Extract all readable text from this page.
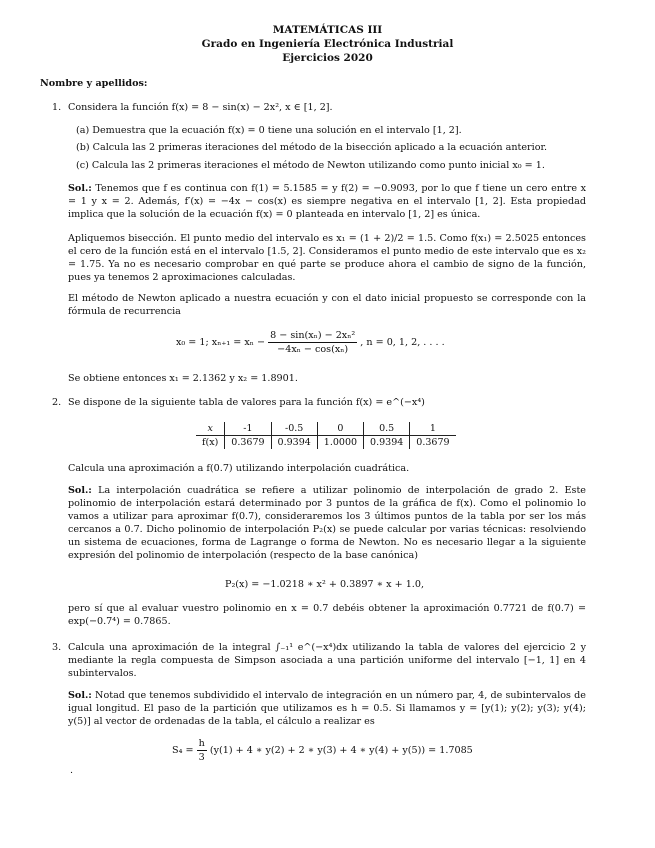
MATEMÁTICAS III
Grado en Ingeniería Electrónica Industrial
Ejercicios 2020
Nombre y apellidos:
1. Considera la función f(x) = 8 − sin(x) − 2x², x ∈ [1, 2].
(a) Demuestra que la ecuación f(x) = 0 tiene una solución en el intervalo [1, 2].
(b) Calcula las 2 primeras iteraciones del método de la bisección aplicado a la ecuación anterior.
(c) Calcula las 2 primeras iteraciones el método de Newton utilizando como punto inicial x₀ = 1.
Sol.: Tenemos que f es continua con f(1) = 5.1585 = y f(2) = −0.9093, por lo que f tiene un cero entre x = 1 y x = 2. Además, f′(x) = −4x − cos(x) es siempre negativa en el intervalo [1, 2]. Esta propiedad implica que la solución de la ecuación f(x) = 0 planteada en intervalo [1, 2] es única.
Apliquemos bisección. El punto medio del intervalo es x₁ = (1 + 2)/2 = 1.5. Como f(x₁) = 2.5025 entonces el cero de la función está en el intervalo [1.5, 2]. Consideramos el punto medio de este intervalo que es x₂ = 1.75. Ya no es necesario comprobar en qué parte se produce ahora el cambio de signo de la función, pues ya tenemos 2 aproximaciones calculadas.
El método de Newton aplicado a nuestra ecuación y con el dato inicial propuesto se corresponde con la fórmula de recurrencia
x₀ = 1; $x_{n+1} = x_n - \frac{\text{8 − sin(xₙ) − 2xₙ²}}{\text{−4xₙ − cos(xₙ)}}$ , n = 0, 1, 2, . . . .
Se obtiene entonces x₁ = 2.1362 y x₂ = 1.8901.
2. Se dispone de la siguiente tabla de valores para la función f(x) = e^(−x⁴)
x	-1	-0.5	0	0.5	1
f(x)	0.3679	0.9394	1.0000	0.9394	0.3679
Calcula una aproximación a f(0.7) utilizando interpolación cuadrática.
Sol.: La interpolación cuadrática se refiere a utilizar polinomio de interpolación de grado 2. Este polinomio de interpolación estará determinado por 3 puntos de la gráfica de f(x). Como el polinomio lo vamos a utilizar para aproximar f(0.7), consideraremos los 3 últimos puntos de la tabla por ser los más cercanos a 0.7. Dicho polinomio de interpolación P₂(x) se puede calcular por varias técnicas: resolviendo un sistema de ecuaciones, forma de Lagrange o forma de Newton. No es necesario llegar a la siguiente expresión del polinomio de interpolación (respecto de la base canónica)
P₂(x) = −1.0218 ∗ x² + 0.3897 ∗ x + 1.0,
pero sí que al evaluar vuestro polinomio en x = 0.7 debéis obtener la aproximación 0.7721 de f(0.7) = exp(−0.7⁴) = 0.7865.
3. Calcula una aproximación de la integral ∫₋₁¹ e^(−x⁴)dx utilizando la tabla de valores del ejercicio 2 y mediante la regla compuesta de Simpson asociada a una partición uniforme del intervalo [−1, 1] en 4 subintervalos.
Sol.: Notad que tenemos subdividido el intervalo de integración en un número par, 4, de subintervalos de igual longitud. El paso de la partición que utilizamos es h = 0.5. Si llamamos y = [y(1); y(2); y(3); y(4); y(5)] al vector de ordenadas de la tabla, el cálculo a realizar es
$S_4 = \frac{h}{3} (y(1) + 4$ ∗ y(2) + 2 ∗ y(3) + 4 ∗ y(4) + y(5)) = 1.7085
.
